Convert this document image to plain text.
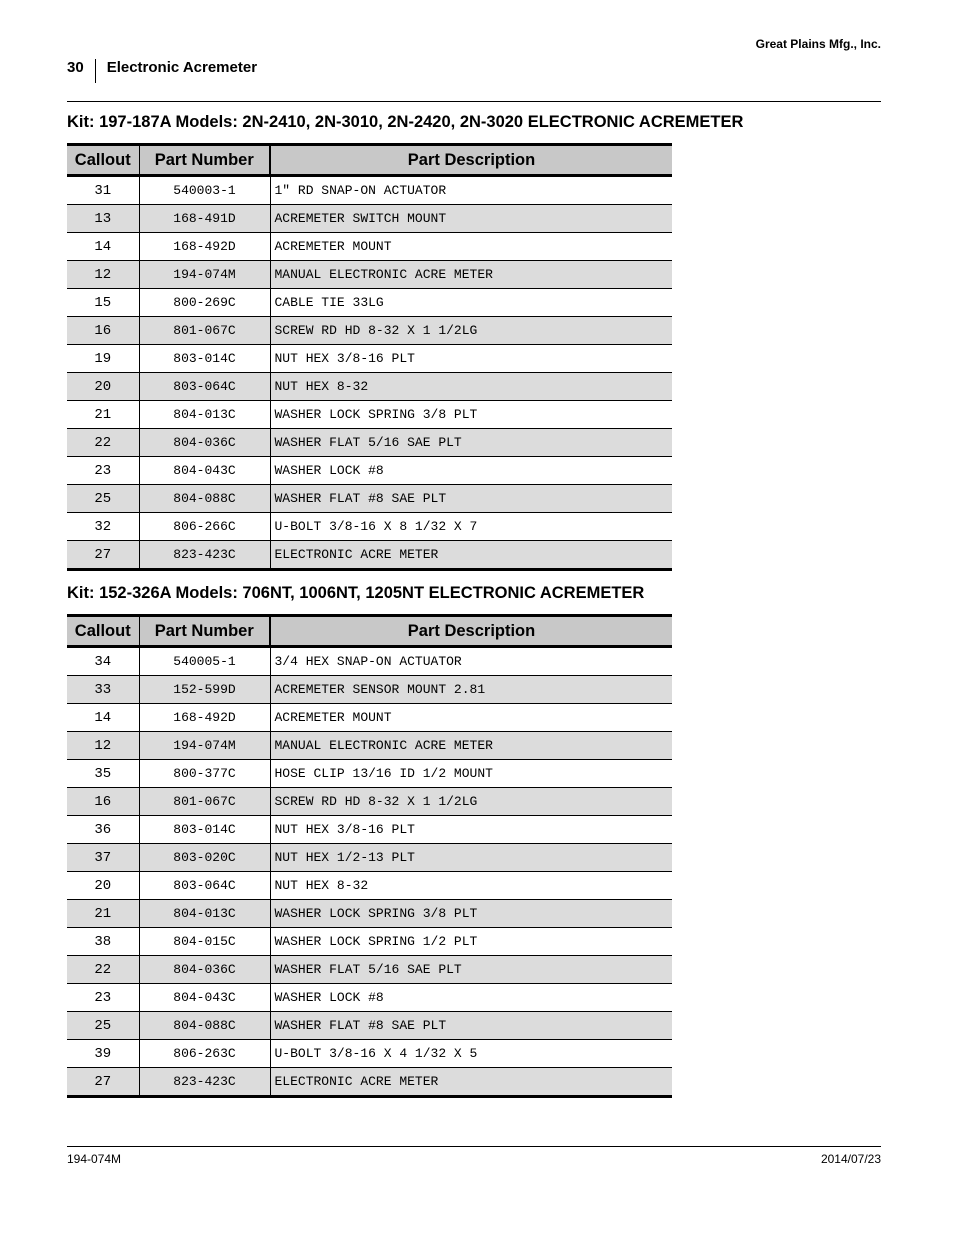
Great Plains Mfg., Inc.
30	Electronic Acremeter
Kit: 197-187A Models: 2N-2410, 2N-3010, 2N-2420, 2N-3020 ELECTRONIC ACREMETER
Callout	Part Number	Part Description
31	540003-1	1" RD SNAP-ON ACTUATOR
13	168-491D	ACREMETER SWITCH MOUNT
14	168-492D	ACREMETER MOUNT
12	194-074M	MANUAL ELECTRONIC ACRE METER
15	800-269C	CABLE TIE 33LG
16	801-067C	SCREW RD HD 8-32 X 1 1/2LG
19	803-014C	NUT HEX 3/8-16 PLT
20	803-064C	NUT HEX 8-32
21	804-013C	WASHER LOCK SPRING 3/8 PLT
22	804-036C	WASHER FLAT 5/16 SAE PLT
23	804-043C	WASHER LOCK #8
25	804-088C	WASHER FLAT #8 SAE PLT
32	806-266C	U-BOLT 3/8-16 X 8 1/32 X 7
27	823-423C	ELECTRONIC ACRE METER
Kit: 152-326A Models: 706NT, 1006NT, 1205NT ELECTRONIC ACREMETER
Callout	Part Number	Part Description
34	540005-1	3/4 HEX SNAP-ON ACTUATOR
33	152-599D	ACREMETER SENSOR MOUNT 2.81
14	168-492D	ACREMETER MOUNT
12	194-074M	MANUAL ELECTRONIC ACRE METER
35	800-377C	HOSE CLIP 13/16 ID 1/2 MOUNT
16	801-067C	SCREW RD HD 8-32 X 1 1/2LG
36	803-014C	NUT HEX 3/8-16 PLT
37	803-020C	NUT HEX 1/2-13 PLT
20	803-064C	NUT HEX 8-32
21	804-013C	WASHER LOCK SPRING 3/8 PLT
38	804-015C	WASHER LOCK SPRING 1/2 PLT
22	804-036C	WASHER FLAT 5/16 SAE PLT
23	804-043C	WASHER LOCK #8
25	804-088C	WASHER FLAT #8 SAE PLT
39	806-263C	U-BOLT 3/8-16 X 4 1/32 X 5
27	823-423C	ELECTRONIC ACRE METER
194-074M	2014/07/23
